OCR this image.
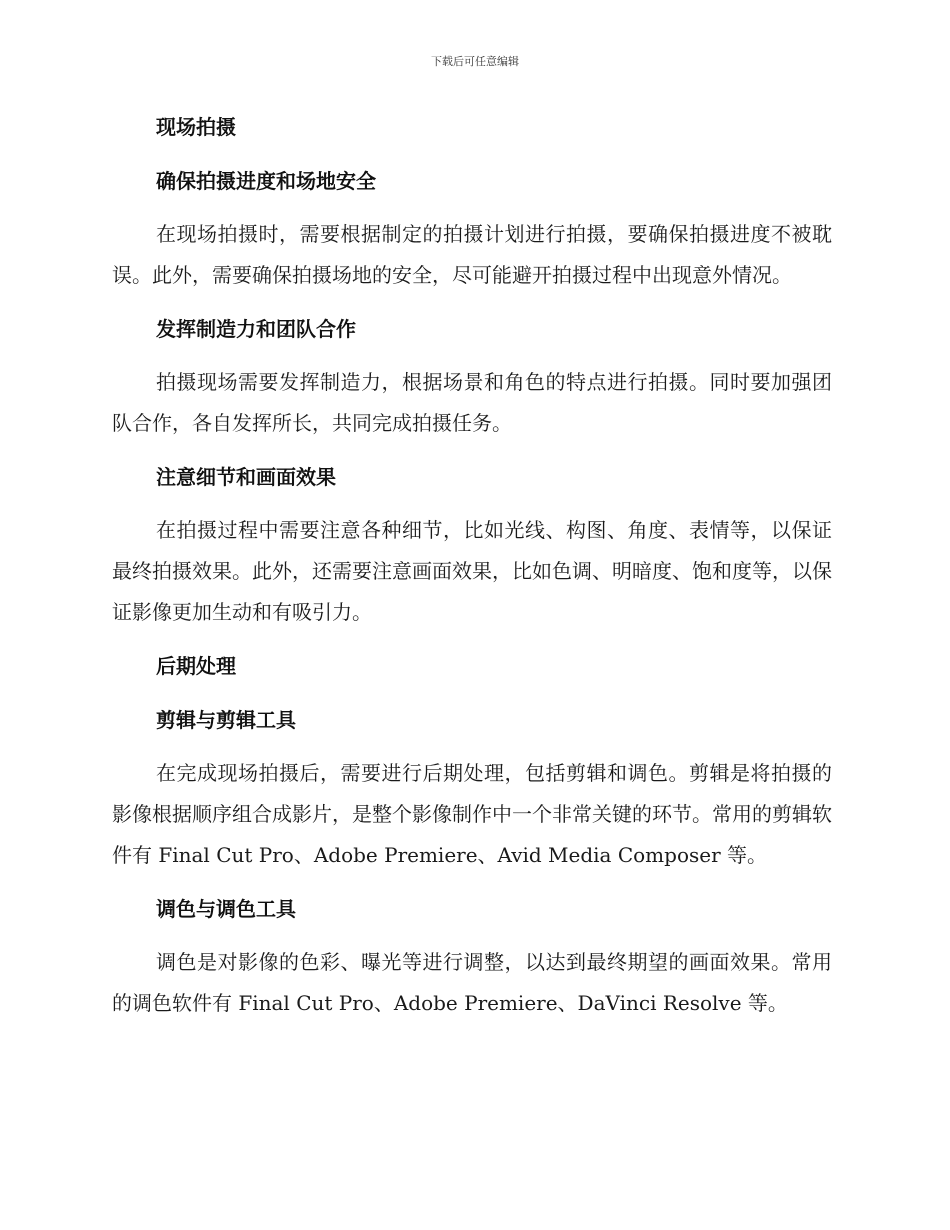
下载后可任意编辑
现场拍摄
确保拍摄进度和场地安全

在现场拍摄时，需要根据制定的拍摄计划进行拍摄，要确保拍摄进度不被耽误。此外，需要确保拍摄场地的安全，尽可能避开拍摄过程中出现意外情况。

发挥制造力和团队合作

拍摄现场需要发挥制造力，根据场景和角色的特点进行拍摄。同时要加强团队合作，各自发挥所长，共同完成拍摄任务。

注意细节和画面效果

在拍摄过程中需要注意各种细节，比如光线、构图、角度、表情等，以保证最终拍摄效果。此外，还需要注意画面效果，比如色调、明暗度、饱和度等，以保证影像更加生动和有吸引力。

后期处理
剪辑与剪辑工具

在完成现场拍摄后，需要进行后期处理，包括剪辑和调色。剪辑是将拍摄的影像根据顺序组合成影片，是整个影像制作中一个非常关键的环节。常用的剪辑软件有 Final Cut Pro、Adobe Premiere、Avid Media Composer 等。

调色与调色工具

调色是对影像的色彩、曝光等进行调整，以达到最终期望的画面效果。常用的调色软件有 Final Cut Pro、Adobe Premiere、DaVinci Resolve 等。
